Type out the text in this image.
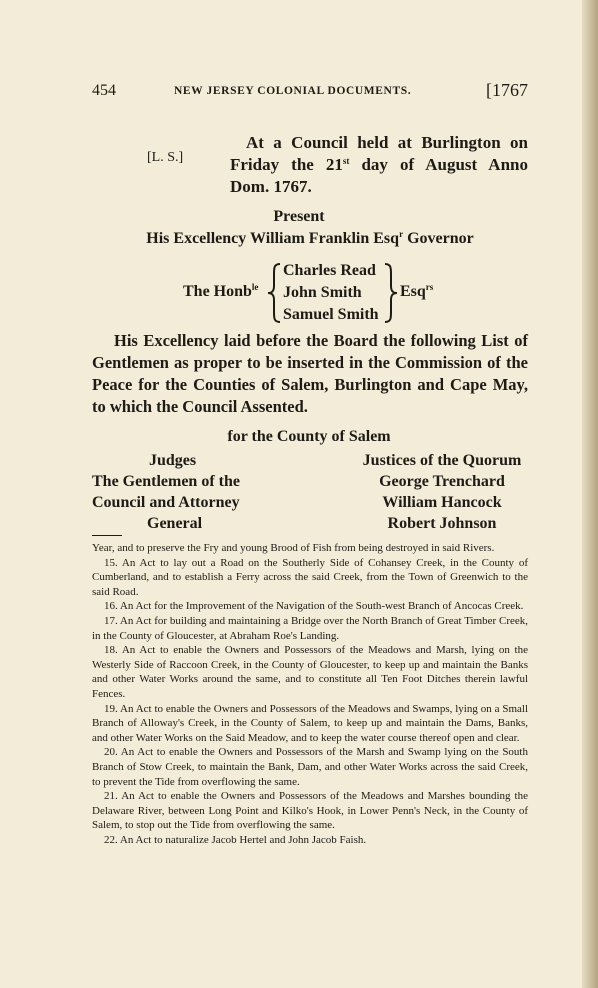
454	NEW JERSEY COLONIAL DOCUMENTS.	[1767
[L. S.]
At a Council held at Burlington on
Friday the 21st day of August Anno
Dom. 1767.
Present
His Excellency William Franklin Esq$^r$ Governor
The Honb$^{le}$
Charles Read
John Smith
Samuel Smith
Esq$^{rs}$

His Excellency laid before the Board the following List of

Gentlemen as proper to be inserted in the Commission of the

Peace for the Counties of Salem, Burlington and Cape May,

to which the Council Assented.

for the County of Salem
Judges
The Gentlemen of the
Council and Attorney
General
Justices of the Quorum
George Trenchard
William Hancock
Robert Johnson

Year, and to preserve the Fry and young Brood of Fish from being destroyed in said Rivers.

15. An Act to lay out a Road on the Southerly Side of Cohansey Creek, in the County of Cumberland, and to establish a Ferry across the said Creek, from the Town of Greenwich to the said Road.

16. An Act for the Improvement of the Navigation of the South-west Branch of Ancocas Creek.

17. An Act for building and maintaining a Bridge over the North Branch of Great Timber Creek, in the County of Gloucester, at Abraham Roe's Landing.

18. An Act to enable the Owners and Possessors of the Meadows and Marsh, lying on the Westerly Side of Raccoon Creek, in the County of Gloucester, to keep up and maintain the Banks and other Water Works around the same, and to constitute all Ten Foot Ditches therein lawful Fences.

19. An Act to enable the Owners and Possessors of the Meadows and Swamps, lying on a Small Branch of Alloway's Creek, in the County of Salem, to keep up and maintain the Dams, Banks, and other Water Works on the Said Meadow, and to keep the water course thereof open and clear.

20. An Act to enable the Owners and Possessors of the Marsh and Swamp lying on the South Branch of Stow Creek, to maintain the Bank, Dam, and other Water Works across the said Creek, to prevent the Tide from overflowing the same.

21. An Act to enable the Owners and Possessors of the Meadows and Marshes bounding the Delaware River, between Long Point and Kilko's Hook, in Lower Penn's Neck, in the County of Salem, to stop out the Tide from overflowing the same.

22. An Act to naturalize Jacob Hertel and John Jacob Faish.
